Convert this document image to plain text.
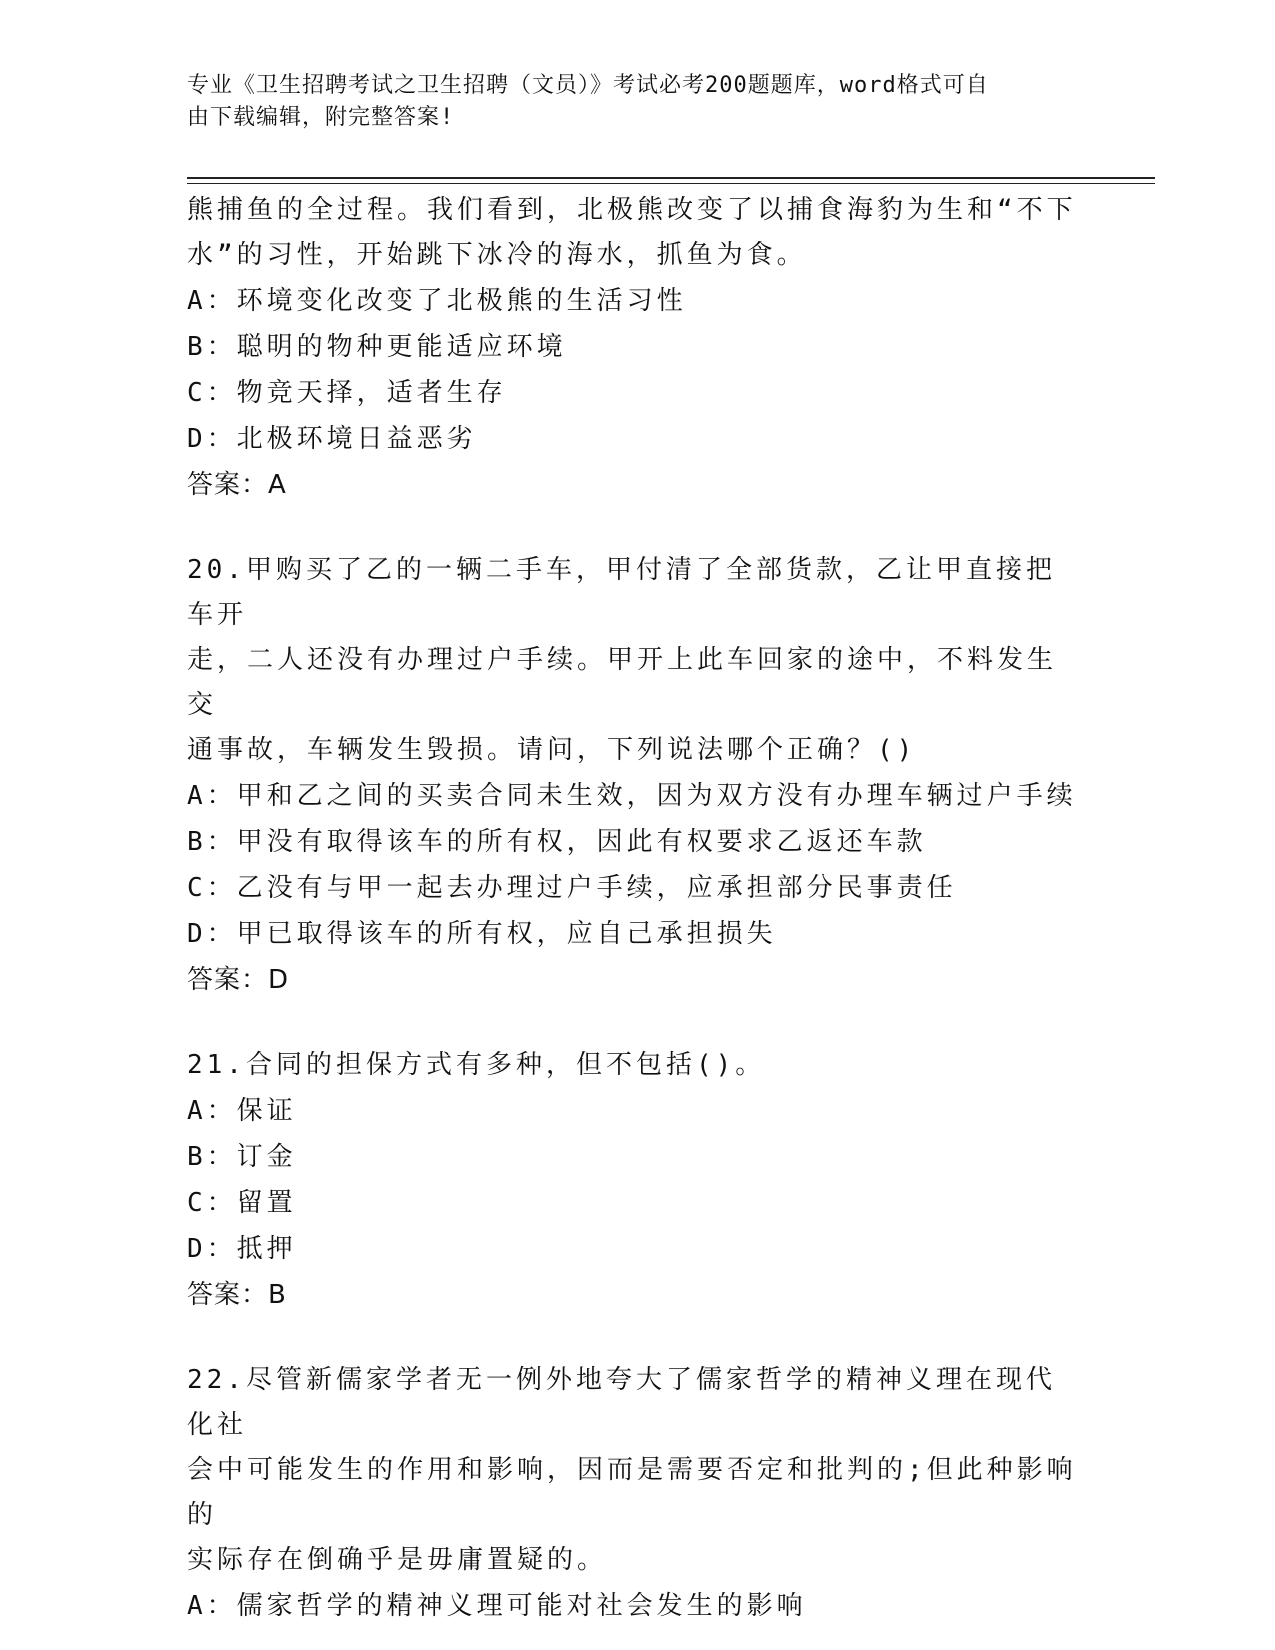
专业《卫生招聘考试之卫生招聘（文员）》考试必考200题题库，word格式可自
由下载编辑，附完整答案!

熊捕鱼的全过程。我们看到，北极熊改变了以捕食海豹为生和“不下

水”的习性，开始跳下冰冷的海水，抓鱼为食。

A：环境变化改变了北极熊的生活习性

B：聪明的物种更能适应环境

C：物竞天择，适者生存

D：北极环境日益恶劣

答案：A

20.甲购买了乙的一辆二手车，甲付清了全部货款，乙让甲直接把车开

走，二人还没有办理过户手续。甲开上此车回家的途中，不料发生交

通事故，车辆发生毁损。请问，下列说法哪个正确？()

A：甲和乙之间的买卖合同未生效，因为双方没有办理车辆过户手续

B：甲没有取得该车的所有权，因此有权要求乙返还车款

C：乙没有与甲一起去办理过户手续，应承担部分民事责任

D：甲已取得该车的所有权，应自己承担损失

答案：D

21.合同的担保方式有多种，但不包括()。

A：保证

B：订金

C：留置

D：抵押

答案：B

22.尽管新儒家学者无一例外地夸大了儒家哲学的精神义理在现代化社

会中可能发生的作用和影响，因而是需要否定和批判的;但此种影响的

实际存在倒确乎是毋庸置疑的。

A：儒家哲学的精神义理可能对社会发生的影响
